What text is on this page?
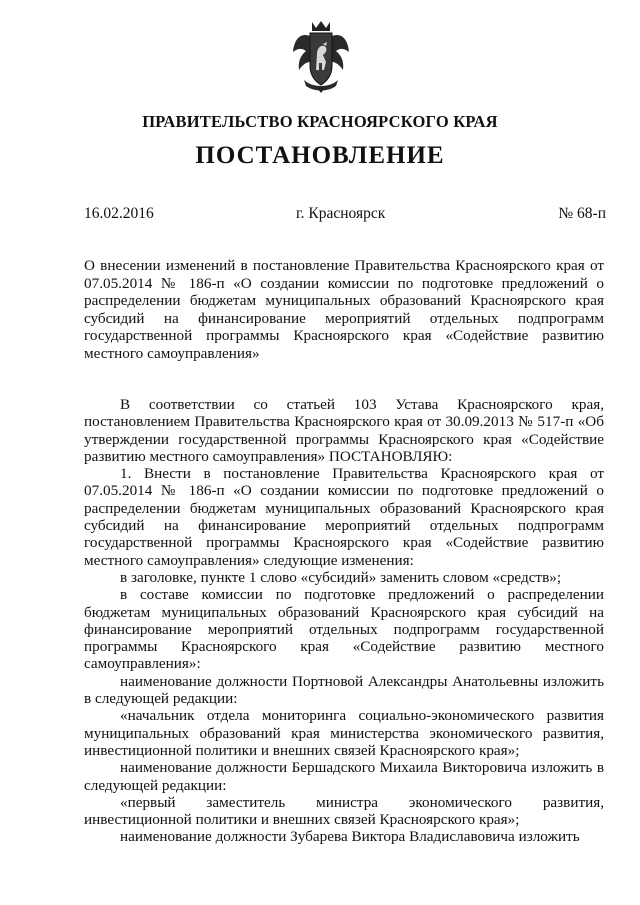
ПРАВИТЕЛЬСТВО КРАСНОЯРСКОГО КРАЯ
ПОСТАНОВЛЕНИЕ
16.02.2016	г. Красноярск	№ 68-п

О внесении изменений в постановление Правительства Красноярского края от 07.05.2014 № 186-п «О создании комиссии по подготовке предложений о распределении бюджетам муниципальных образований Красноярского края субсидий на финансирование мероприятий отдельных подпрограмм государственной программы Красноярского края «Содействие развитию местного самоуправления»

В соответствии со статьей 103 Устава Красноярского края, постановлением Правительства Красноярского края от 30.09.2013 № 517-п «Об утверждении государственной программы Красноярского края «Содействие развитию местного самоуправления» ПОСТАНОВЛЯЮ:

1. Внести в постановление Правительства Красноярского края от 07.05.2014 № 186-п «О создании комиссии по подготовке предложений о распределении бюджетам муниципальных образований Красноярского края субсидий на финансирование мероприятий отдельных подпрограмм государственной программы Красноярского края «Содействие развитию местного самоуправления» следующие изменения:

в заголовке, пункте 1 слово «субсидий» заменить словом «средств»;

в составе комиссии по подготовке предложений о распределении бюджетам муниципальных образований Красноярского края субсидий на финансирование мероприятий отдельных подпрограмм государственной программы Красноярского края «Содействие развитию местного самоуправления»:

наименование должности Портновой Александры Анатольевны изложить в следующей редакции:

«начальник отдела мониторинга социально-экономического развития муниципальных образований края министерства экономического развития, инвестиционной политики и внешних связей Красноярского края»;

наименование должности Бершадского Михаила Викторовича изложить в следующей редакции:

«первый заместитель министра экономического развития, инвестиционной политики и внешних связей Красноярского края»;

наименование должности Зубарева Виктора Владиславовича изложить
